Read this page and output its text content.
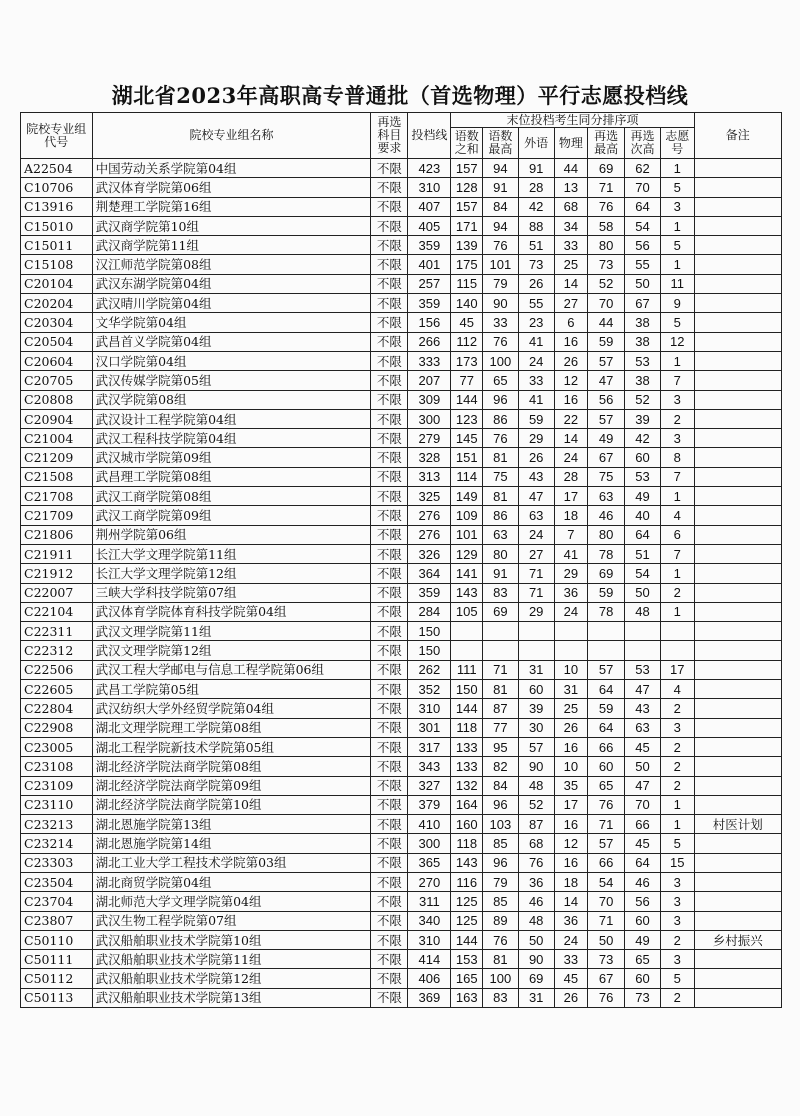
湖北省2023年高职高专普通批（首选物理）平行志愿投档线
院校专业组代号	院校专业组名称	再选科目要求	投档线	末位投档考生同分排序项							备注
				语数之和	语数最高	外语	物理	再选最高	再选次高	志愿号	
A22504	中国劳动关系学院第04组	不限	423	157	94	91	44	69	62	1	
C10706	武汉体育学院第06组	不限	310	128	91	28	13	71	70	5	
C13916	荆楚理工学院第16组	不限	407	157	84	42	68	76	64	3	
C15010	武汉商学院第10组	不限	405	171	94	88	34	58	54	1	
C15011	武汉商学院第11组	不限	359	139	76	51	33	80	56	5	
C15108	汉江师范学院第08组	不限	401	175	101	73	25	73	55	1	
C20104	武汉东湖学院第04组	不限	257	115	79	26	14	52	50	11	
C20204	武汉晴川学院第04组	不限	359	140	90	55	27	70	67	9	
C20304	文华学院第04组	不限	156	45	33	23	6	44	38	5	
C20504	武昌首义学院第04组	不限	266	112	76	41	16	59	38	12	
C20604	汉口学院第04组	不限	333	173	100	24	26	57	53	1	
C20705	武汉传媒学院第05组	不限	207	77	65	33	12	47	38	7	
C20808	武汉学院第08组	不限	309	144	96	41	16	56	52	3	
C20904	武汉设计工程学院第04组	不限	300	123	86	59	22	57	39	2	
C21004	武汉工程科技学院第04组	不限	279	145	76	29	14	49	42	3	
C21209	武汉城市学院第09组	不限	328	151	81	26	24	67	60	8	
C21508	武昌理工学院第08组	不限	313	114	75	43	28	75	53	7	
C21708	武汉工商学院第08组	不限	325	149	81	47	17	63	49	1	
C21709	武汉工商学院第09组	不限	276	109	86	63	18	46	40	4	
C21806	荆州学院第06组	不限	276	101	63	24	7	80	64	6	
C21911	长江大学文理学院第11组	不限	326	129	80	27	41	78	51	7	
C21912	长江大学文理学院第12组	不限	364	141	91	71	29	69	54	1	
C22007	三峡大学科技学院第07组	不限	359	143	83	71	36	59	50	2	
C22104	武汉体育学院体育科技学院第04组	不限	284	105	69	29	24	78	48	1	
C22311	武汉文理学院第11组	不限	150								
C22312	武汉文理学院第12组	不限	150								
C22506	武汉工程大学邮电与信息工程学院第06组	不限	262	111	71	31	10	57	53	17	
C22605	武昌工学院第05组	不限	352	150	81	60	31	64	47	4	
C22804	武汉纺织大学外经贸学院第04组	不限	310	144	87	39	25	59	43	2	
C22908	湖北文理学院理工学院第08组	不限	301	118	77	30	26	64	63	3	
C23005	湖北工程学院新技术学院第05组	不限	317	133	95	57	16	66	45	2	
C23108	湖北经济学院法商学院第08组	不限	343	133	82	90	10	60	50	2	
C23109	湖北经济学院法商学院第09组	不限	327	132	84	48	35	65	47	2	
C23110	湖北经济学院法商学院第10组	不限	379	164	96	52	17	76	70	1	
C23213	湖北恩施学院第13组	不限	410	160	103	87	16	71	66	1	村医计划
C23214	湖北恩施学院第14组	不限	300	118	85	68	12	57	45	5	
C23303	湖北工业大学工程技术学院第03组	不限	365	143	96	76	16	66	64	15	
C23504	湖北商贸学院第04组	不限	270	116	79	36	18	54	46	3	
C23704	湖北师范大学文理学院第04组	不限	311	125	85	46	14	70	56	3	
C23807	武汉生物工程学院第07组	不限	340	125	89	48	36	71	60	3	
C50110	武汉船舶职业技术学院第10组	不限	310	144	76	50	24	50	49	2	乡村振兴
C50111	武汉船舶职业技术学院第11组	不限	414	153	81	90	33	73	65	3	
C50112	武汉船舶职业技术学院第12组	不限	406	165	100	69	45	67	60	5	
C50113	武汉船舶职业技术学院第13组	不限	369	163	83	31	26	76	73	2	
